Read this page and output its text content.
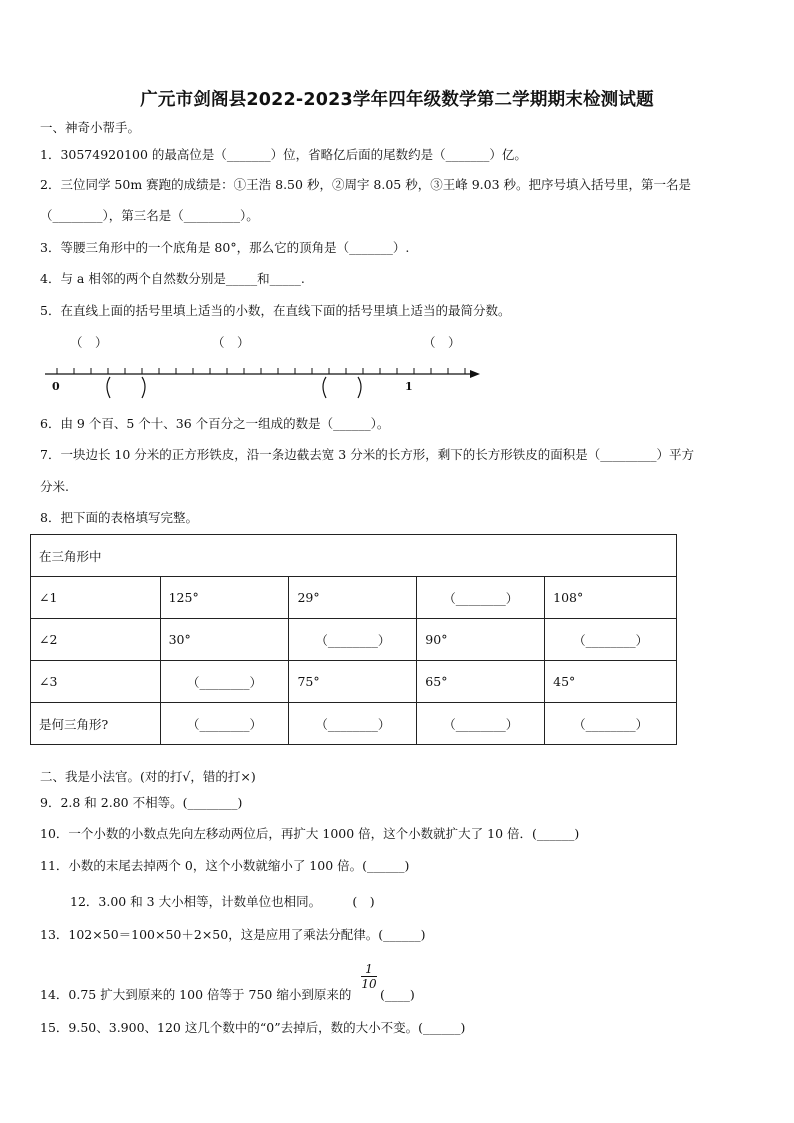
广元市剑阁县2022-2023学年四年级数学第二学期期末检测试题
一、神奇小帮手。
1．30574920100 的最高位是（_______）位，省略亿后面的尾数约是（_______）亿。
2．三位同学 50m 赛跑的成绩是：①王浩 8.50 秒，②周宇 8.05 秒，③王峰 9.03 秒。把序号填入括号里，第一名是
（________），第三名是（_________）。
3．等腰三角形中的一个底角是 80°，那么它的顶角是（_______）.
4．与 a 相邻的两个自然数分别是_____和_____.
5．在直线上面的括号里填上适当的小数，在直线下面的括号里填上适当的最简分数。
（　）	（　）	（　）
0	1
6．由 9 个百、5 个十、36 个百分之一组成的数是（______）。
7．一块边长 10 分米的正方形铁皮，沿一条边截去宽 3 分米的长方形，剩下的长方形铁皮的面积是（_________）平方
分米.
8．把下面的表格填写完整。
在三角形中				
∠1	125°	29°	（________）	108°
∠2	30°	（________）	90°	（________）
∠3	（________）	75°	65°	45°
是何三角形?	（________）	（________）	（________）	（________）
二、我是小法官。(对的打√，错的打×)
9．2.8 和 2.80 不相等。(________)
10．一个小数的小数点先向左移动两位后，再扩大 1000 倍，这个小数就扩大了 10 倍．(______)
11．小数的末尾去掉两个 0，这个小数就缩小了 100 倍。(______)
12．3.00 和 3 大小相等，计数单位也相同。　　　(　)
13．102×50＝100×50＋2×50，这是应用了乘法分配律。(______)
14．0.75 扩大到原来的 100 倍等于 750 缩小到原来的
$\frac{1}{10}$
(____)
15．9.50、3.900、120 这几个数中的“0”去掉后，数的大小不变。(______)
